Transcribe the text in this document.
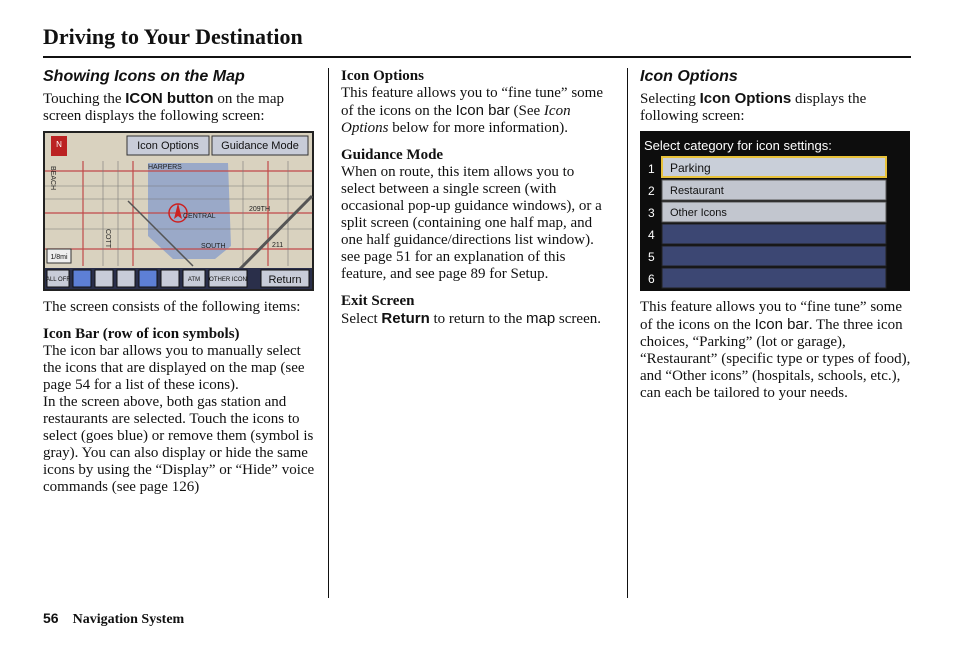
Driving to Your Destination
Showing Icons on the Map

Touching the ICON button on the map screen displays the following screen:

Icon Options Guidance Mode
N
HARPERS
CENTRAL
209TH
SOUTH	211
COTT
BEACH
1/8mi
ALL OFF	ATM OTHER ICON Return

The screen consists of the following items:

Icon Bar (row of icon symbols)

The icon bar allows you to manually select the icons that are displayed on the map (see page 54 for a list of these icons).

In the screen above, both gas station and restaurants are selected. Touch the icons to select (goes blue) or remove them (symbol is gray). You can also display or hide the same icons by using the “Display” or “Hide” voice commands (see page 126)

Icon Options

This feature allows you to “fine tune” some of the icons on the Icon bar (See Icon Options below for more information).

Guidance Mode

When on route, this item allows you to select between a single screen (with occasional pop-up guidance windows), or a split screen (containing one half map, and one half guidance/directions list window). see page 51 for an explanation of this feature, and see page 89 for Setup.

Exit Screen

Select Return to return to the map screen.

Icon Options

Selecting Icon Options displays the following screen:

Select category for icon settings:
1 Parking
2 Restaurant
3 Other Icons
4
5
6

This feature allows you to “fine tune” some of the icons on the Icon bar. The three icon choices, “Parking” (lot or garage), “Restaurant” (specific type or types of food), and “Other icons” (hospitals, schools, etc.), can each be tailored to your needs.

56 Navigation System
